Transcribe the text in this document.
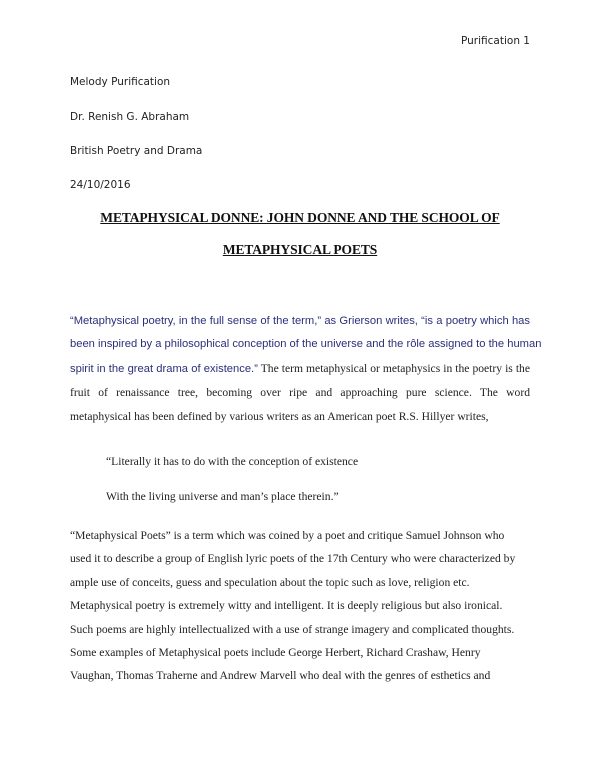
Purification 1
Melody Purification
Dr. Renish G. Abraham
British Poetry and Drama
24/10/2016
METAPHYSICAL DONNE: JOHN DONNE AND THE SCHOOL OF
METAPHYSICAL POETS
“Metaphysical poetry, in the full sense of the term,” as Grierson writes, “is a poetry which has
been inspired by a philosophical conception of the universe and the rôle assigned to the human
spirit in the great drama of existence.” The term metaphysical or metaphysics in the poetry is the
fruit of renaissance tree, becoming over ripe and approaching pure science. The word
metaphysical has been defined by various writers as an American poet R.S. Hillyer writes,
“Literally it has to do with the conception of existence
With the living universe and man’s place therein.”
“Metaphysical Poets” is a term which was coined by a poet and critique Samuel Johnson who
used it to describe a group of English lyric poets of the 17th Century who were characterized by
ample use of conceits, guess and speculation about the topic such as love, religion etc.
Metaphysical poetry is extremely witty and intelligent. It is deeply religious but also ironical.
Such poems are highly intellectualized with a use of strange imagery and complicated thoughts.
Some examples of Metaphysical poets include George Herbert, Richard Crashaw, Henry
Vaughan, Thomas Traherne and Andrew Marvell who deal with the genres of esthetics and
